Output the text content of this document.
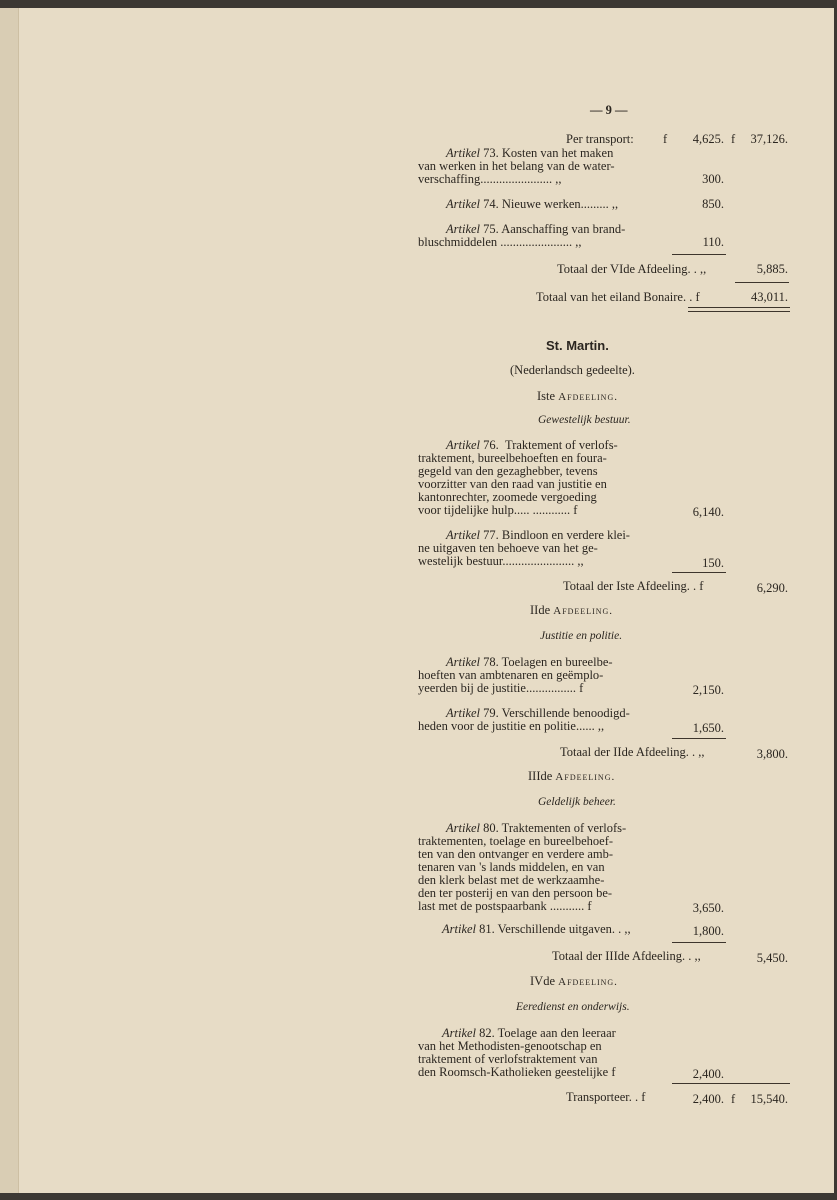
— 9 —
Per transport: f	4,625. f	37,126.
Artikel 73. Kosten van het maken
van werken in het belang van de water-
verschaffing....................... ,,	300.
Artikel 74. Nieuwe werken......... ,,	850.
Artikel 75. Aanschaffing van brand-
bluschmiddelen ....................... ,,	110.
Totaal der VIde Afdeeling. . ,,	5,885.
Totaal van het eiland Bonaire. . f	43,011.
St. Martin.
(Nederlandsch gedeelte).
Iste Afdeeling.
Gewestelijk bestuur.
Artikel 76. Traktement of verlofs-
traktement, bureelbehoeften en foura-
gegeld van den gezaghebber, tevens
voorzitter van den raad van justitie en
kantonrechter, zoomede vergoeding
voor tijdelijke hulp..... ............ f	6,140.
Artikel 77. Bindloon en verdere klei-
ne uitgaven ten behoeve van het ge-
westelijk bestuur....................... ,,	150.
Totaal der Iste Afdeeling. . f	6,290.
IIde Afdeeling.
Justitie en politie.
Artikel 78. Toelagen en bureelbe-
hoeften van ambtenaren en geëmplo-
yeerden bij de justitie................ f	2,150.
Artikel 79. Verschillende benoodigd-
heden voor de justitie en politie...... ,,	1,650.
Totaal der IIde Afdeeling. . ,,	3,800.
IIIde Afdeeling.
Geldelijk beheer.
Artikel 80. Traktementen of verlofs-
traktementen, toelage en bureelbehoef-
ten van den ontvanger en verdere amb-
tenaren van 's lands middelen, en van
den klerk belast met de werkzaamhe-
den ter posterij en van den persoon be-
last met de postspaarbank ........... f	3,650.
Artikel 81. Verschillende uitgaven. . ,,	1,800.
Totaal der IIIde Afdeeling. . ,,	5,450.
IVde Afdeeling.
Eeredienst en onderwijs.
Artikel 82. Toelage aan den leeraar
van het Methodisten-genootschap en
traktement of verlofstraktement van
den Roomsch-Katholieken geestelijke f	2,400.
Transporteer. . f	2,400. f	15,540.
